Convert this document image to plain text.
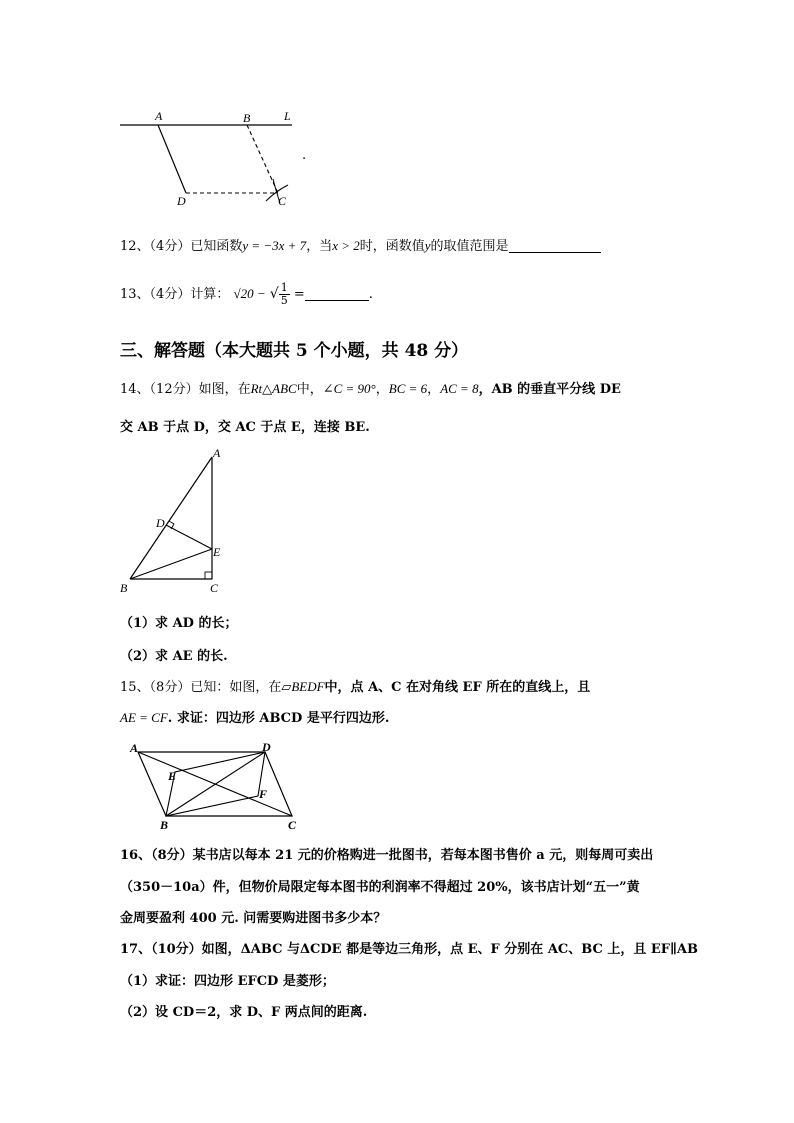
A	B	L
D	C
.
12、（4分）已知函数y = −3x + 7，当x > 2时，函数值y的取值范围是
13、（4分）计算： √20 − √ $\frac{1}{5}$ =	.
三、解答题（本大题共 5 个小题，共 48 分）
14、（12分）如图，在Rt△ABC中，∠C = 90°，BC = 6，AC = 8，AB 的垂直平分线 DE
交 AB 于点 D，交 AC 于点 E，连接 BE.
A
D
E
B	C
（1）求 AD 的长；
（2）求 AE 的长.
15、（8分）已知：如图，在▱BEDF中，点 A、C 在对角线 EF 所在的直线上，且
AE = CF. 求证：四边形 ABCD 是平行四边形.
A	D
E
F
B	C
16、（8分）某书店以每本 21 元的价格购进一批图书，若每本图书售价 a 元，则每周可卖出
（350－10a）件，但物价局限定每本图书的利润率不得超过 20%，该书店计划“五一”黄
金周要盈利 400 元. 问需要购进图书多少本？
17、（10分）如图，ΔABC 与ΔCDE 都是等边三角形，点 E、F 分别在 AC、BC 上，且 EF∥AB
（1）求证：四边形 EFCD 是菱形；
（2）设 CD＝2，求 D、F 两点间的距离.
